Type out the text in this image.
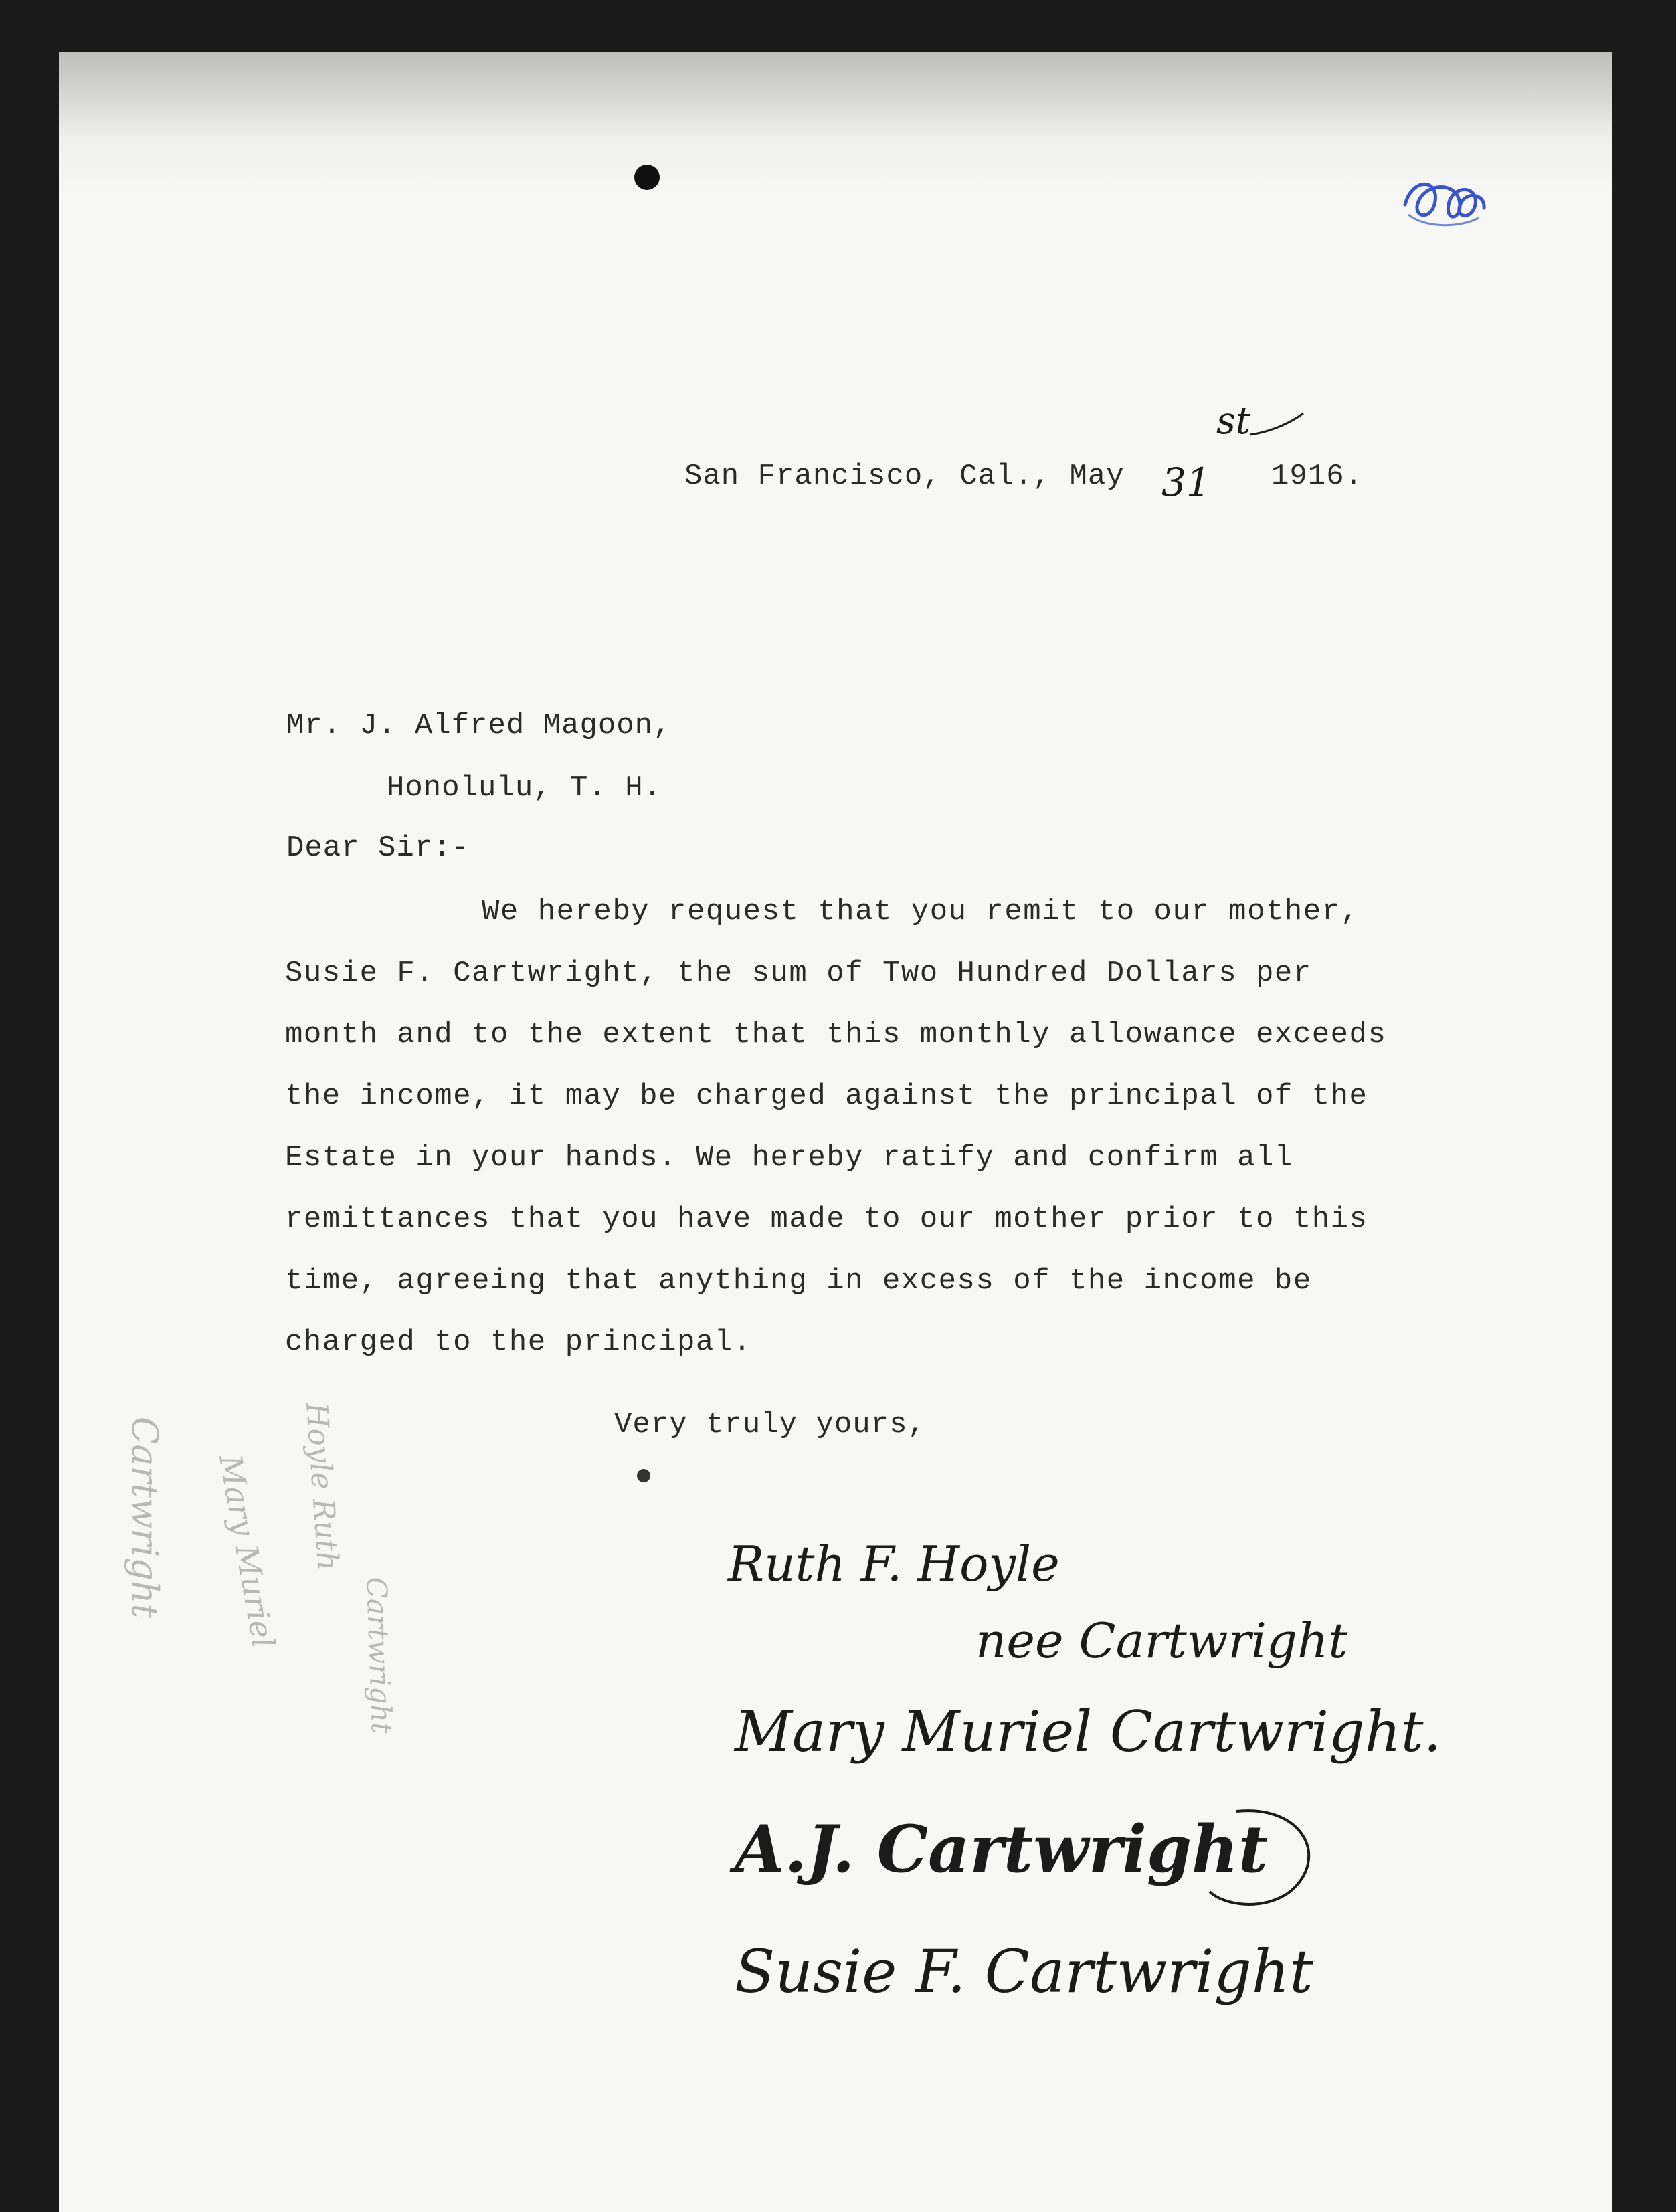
San Francisco, Cal., May 31
st
1916.
Mr. J. Alfred Magoon,
Honolulu, T. H.
Dear Sir:-
We hereby request that you remit to our mother,
Susie F. Cartwright, the sum of Two Hundred Dollars per
month and to the extent that this monthly allowance exceeds
the income, it may be charged against the principal of the
Estate in your hands. We hereby ratify and confirm all
remittances that you have made to our mother prior to this
time, agreeing that anything in excess of the income be
charged to the principal.
Very truly yours,
Cartwright Mary Muriel Hoyle Ruth
Cartwright
Ruth F. Hoyle
nee Cartwright
Mary Muriel Cartwright.
A.J. Cartwright
Susie F. Cartwright
